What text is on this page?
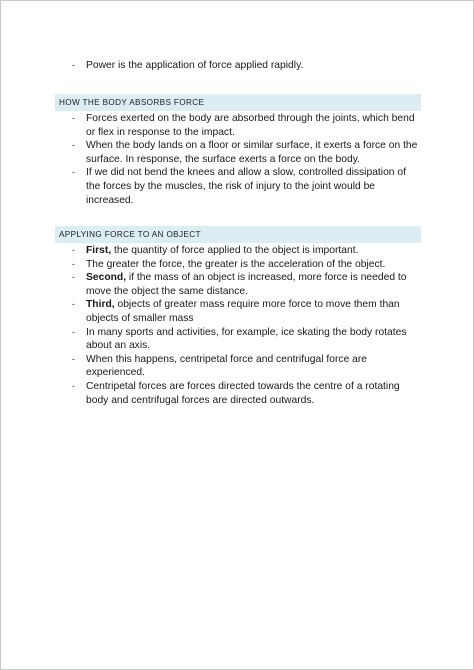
- Power is the application of force applied rapidly.
HOW THE BODY ABSORBS FORCE
- Forces exerted on the body are absorbed through the joints, which bend or flex in response to the impact.
- When the body lands on a floor or similar surface, it exerts a force on the surface. In response, the surface exerts a force on the body.
- If we did not bend the knees and allow a slow, controlled dissipation of the forces by the muscles, the risk of injury to the joint would be increased.
APPLYING FORCE TO AN OBJECT
- First, the quantity of force applied to the object is important.
- The greater the force, the greater is the acceleration of the object.
- Second, if the mass of an object is increased, more force is needed to move the object the same distance.
- Third, objects of greater mass require more force to move them than objects of smaller mass
- In many sports and activities, for example, ice skating the body rotates about an axis.
- When this happens, centripetal force and centrifugal force are experienced.
- Centripetal forces are forces directed towards the centre of a rotating body and centrifugal forces are directed outwards.
